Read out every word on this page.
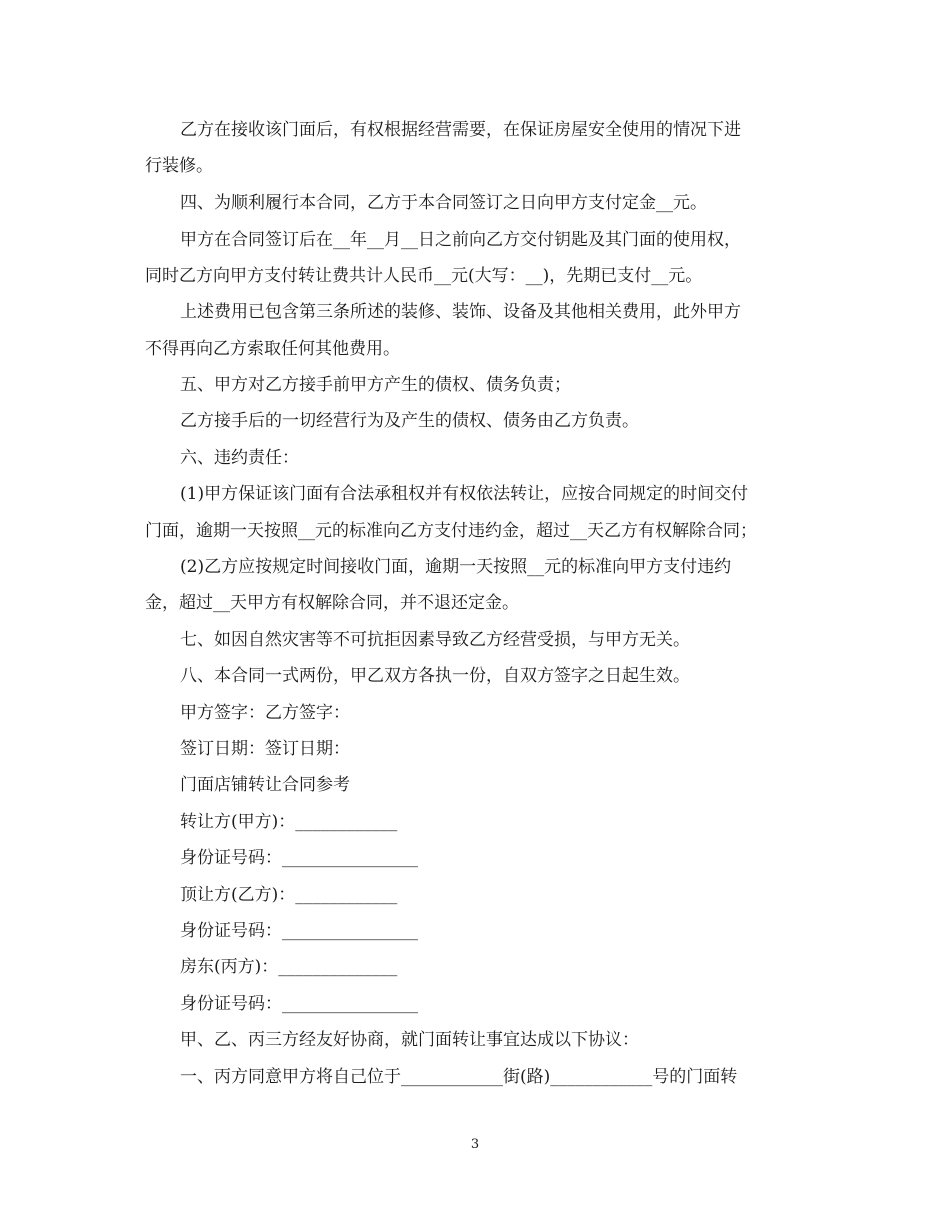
乙方在接收该门面后，有权根据经营需要，在保证房屋安全使用的情况下进
行装修。
四、为顺利履行本合同，乙方于本合同签订之日向甲方支付定金__元。
甲方在合同签订后在__年__月__日之前向乙方交付钥匙及其门面的使用权，
同时乙方向甲方支付转让费共计人民币__元(大写：__)，先期已支付__元。
上述费用已包含第三条所述的装修、装饰、设备及其他相关费用，此外甲方
不得再向乙方索取任何其他费用。
五、甲方对乙方接手前甲方产生的债权、债务负责；
乙方接手后的一切经营行为及产生的债权、债务由乙方负责。
六、违约责任：
(1)甲方保证该门面有合法承租权并有权依法转让，应按合同规定的时间交付
门面，逾期一天按照__元的标准向乙方支付违约金，超过__天乙方有权解除合同；
(2)乙方应按规定时间接收门面，逾期一天按照__元的标准向甲方支付违约
金，超过__天甲方有权解除合同，并不退还定金。
七、如因自然灾害等不可抗拒因素导致乙方经营受损，与甲方无关。
八、本合同一式两份，甲乙双方各执一份，自双方签字之日起生效。
甲方签字：乙方签字：
签订日期：签订日期：
门面店铺转让合同参考
转让方(甲方)：____________
身份证号码：________________
顶让方(乙方)：____________
身份证号码：________________
房东(丙方)：______________
身份证号码：________________
甲、乙、丙三方经友好协商，就门面转让事宜达成以下协议：
一、丙方同意甲方将自己位于____________街(路)____________号的门面转
3
